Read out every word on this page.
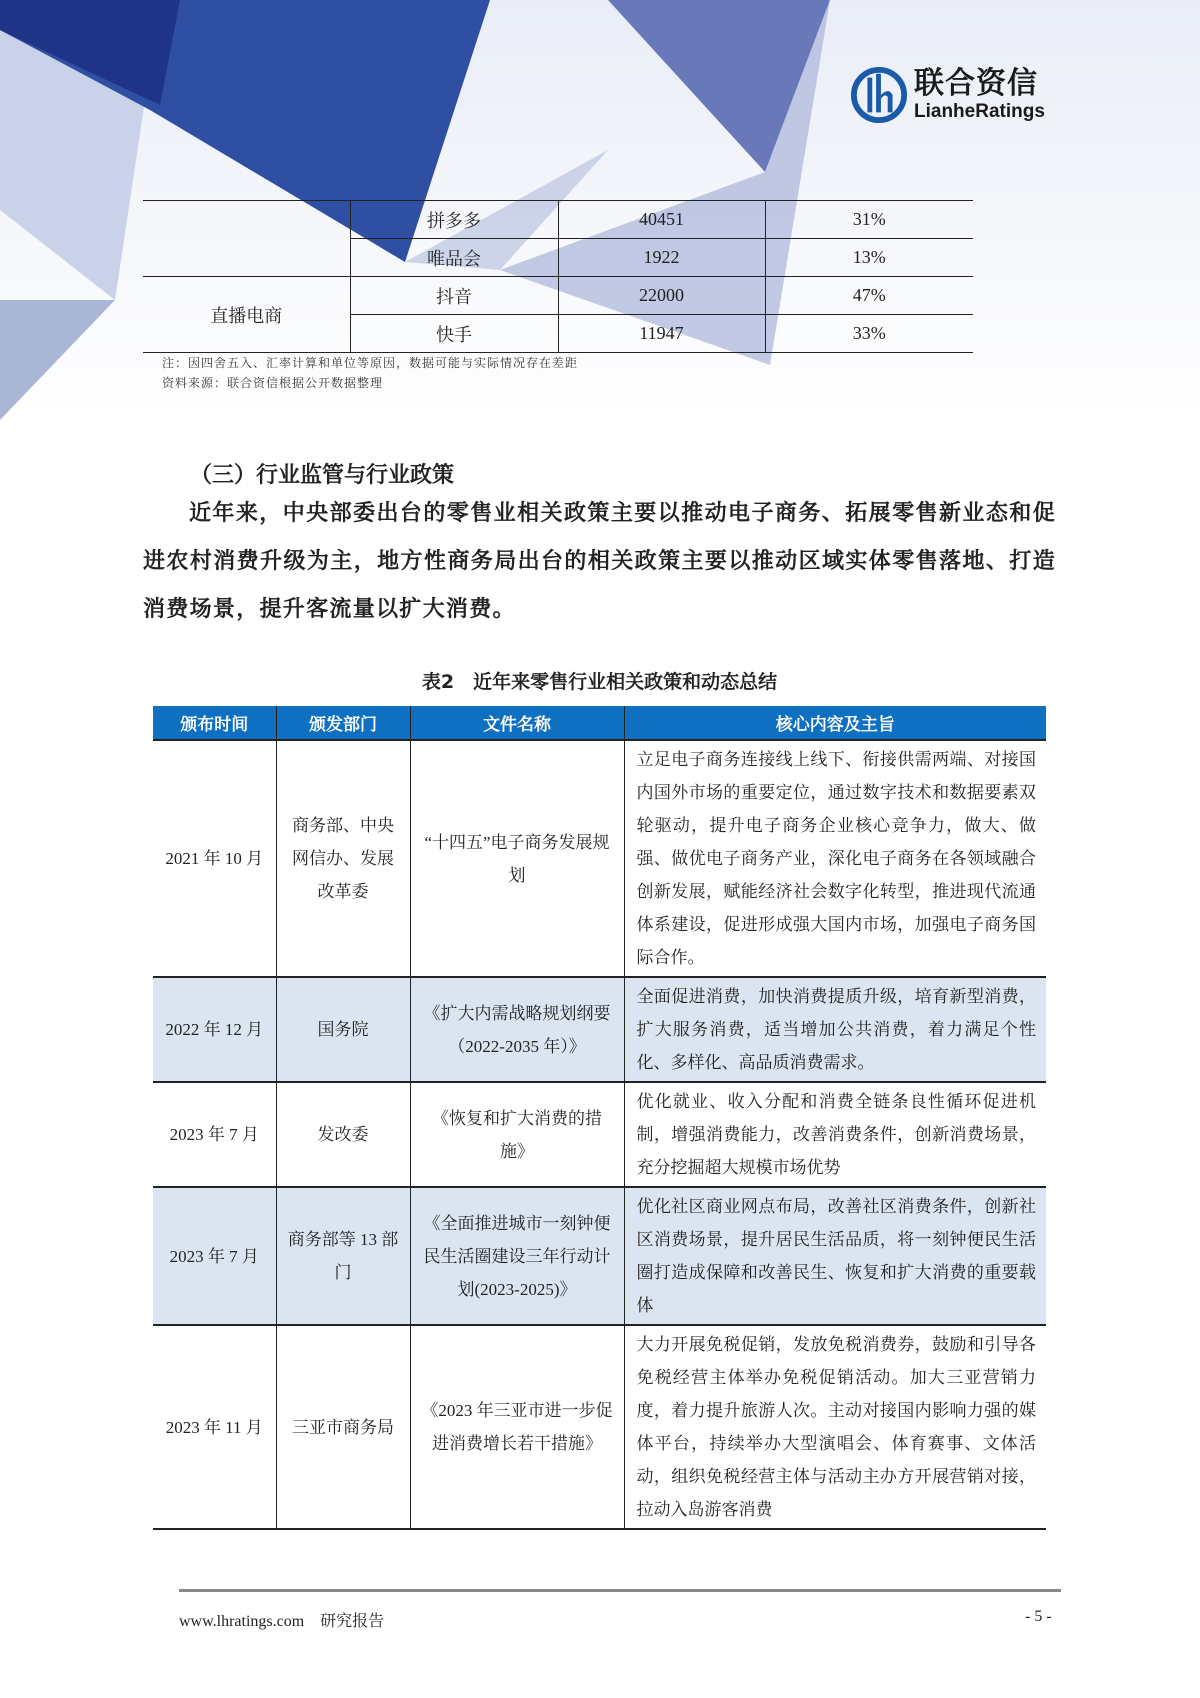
联合资信
LianheRatings
	拼多多	40451	31%
	唯品会	1922	13%
直播电商	抖音	22000	47%
	快手	11947	33%
注：因四舍五入、汇率计算和单位等原因，数据可能与实际情况存在差距
资料来源：联合资信根据公开数据整理
（三）行业监管与行业政策
近年来，中央部委出台的零售业相关政策主要以推动电子商务、拓展零售新业态和促进农村消费升级为主，地方性商务局出台的相关政策主要以推动区域实体零售落地、打造消费场景，提升客流量以扩大消费。
表2　近年来零售行业相关政策和动态总结
颁布时间	颁发部门	文件名称	核心内容及主旨
2021 年 10 月	商务部、中央网信办、发展改革委	“十四五”电子商务发展规划	立足电子商务连接线上线下、衔接供需两端、对接国内国外市场的重要定位，通过数字技术和数据要素双轮驱动，提升电子商务企业核心竞争力，做大、做强、做优电子商务产业，深化电子商务在各领域融合创新发展，赋能经济社会数字化转型，推进现代流通体系建设，促进形成强大国内市场，加强电子商务国际合作。
2022 年 12 月	国务院	《扩大内需战略规划纲要（2022-2035 年）》	全面促进消费，加快消费提质升级，培育新型消费，扩大服务消费，适当增加公共消费，着力满足个性化、多样化、高品质消费需求。
2023 年 7 月	发改委	《恢复和扩大消费的措施》	优化就业、收入分配和消费全链条良性循环促进机制，增强消费能力，改善消费条件，创新消费场景，充分挖掘超大规模市场优势
2023 年 7 月	商务部等 13 部门	《全面推进城市一刻钟便民生活圈建设三年行动计划(2023-2025)》	优化社区商业网点布局，改善社区消费条件，创新社区消费场景，提升居民生活品质，将一刻钟便民生活圈打造成保障和改善民生、恢复和扩大消费的重要载体
2023 年 11 月	三亚市商务局	《2023 年三亚市进一步促进消费增长若干措施》	大力开展免税促销，发放免税消费券，鼓励和引导各免税经营主体举办免税促销活动。加大三亚营销力度，着力提升旅游人次。主动对接国内影响力强的媒体平台，持续举办大型演唱会、体育赛事、文体活动，组织免税经营主体与活动主办方开展营销对接，拉动入岛游客消费
www.lhratings.com 研究报告	- 5 -
